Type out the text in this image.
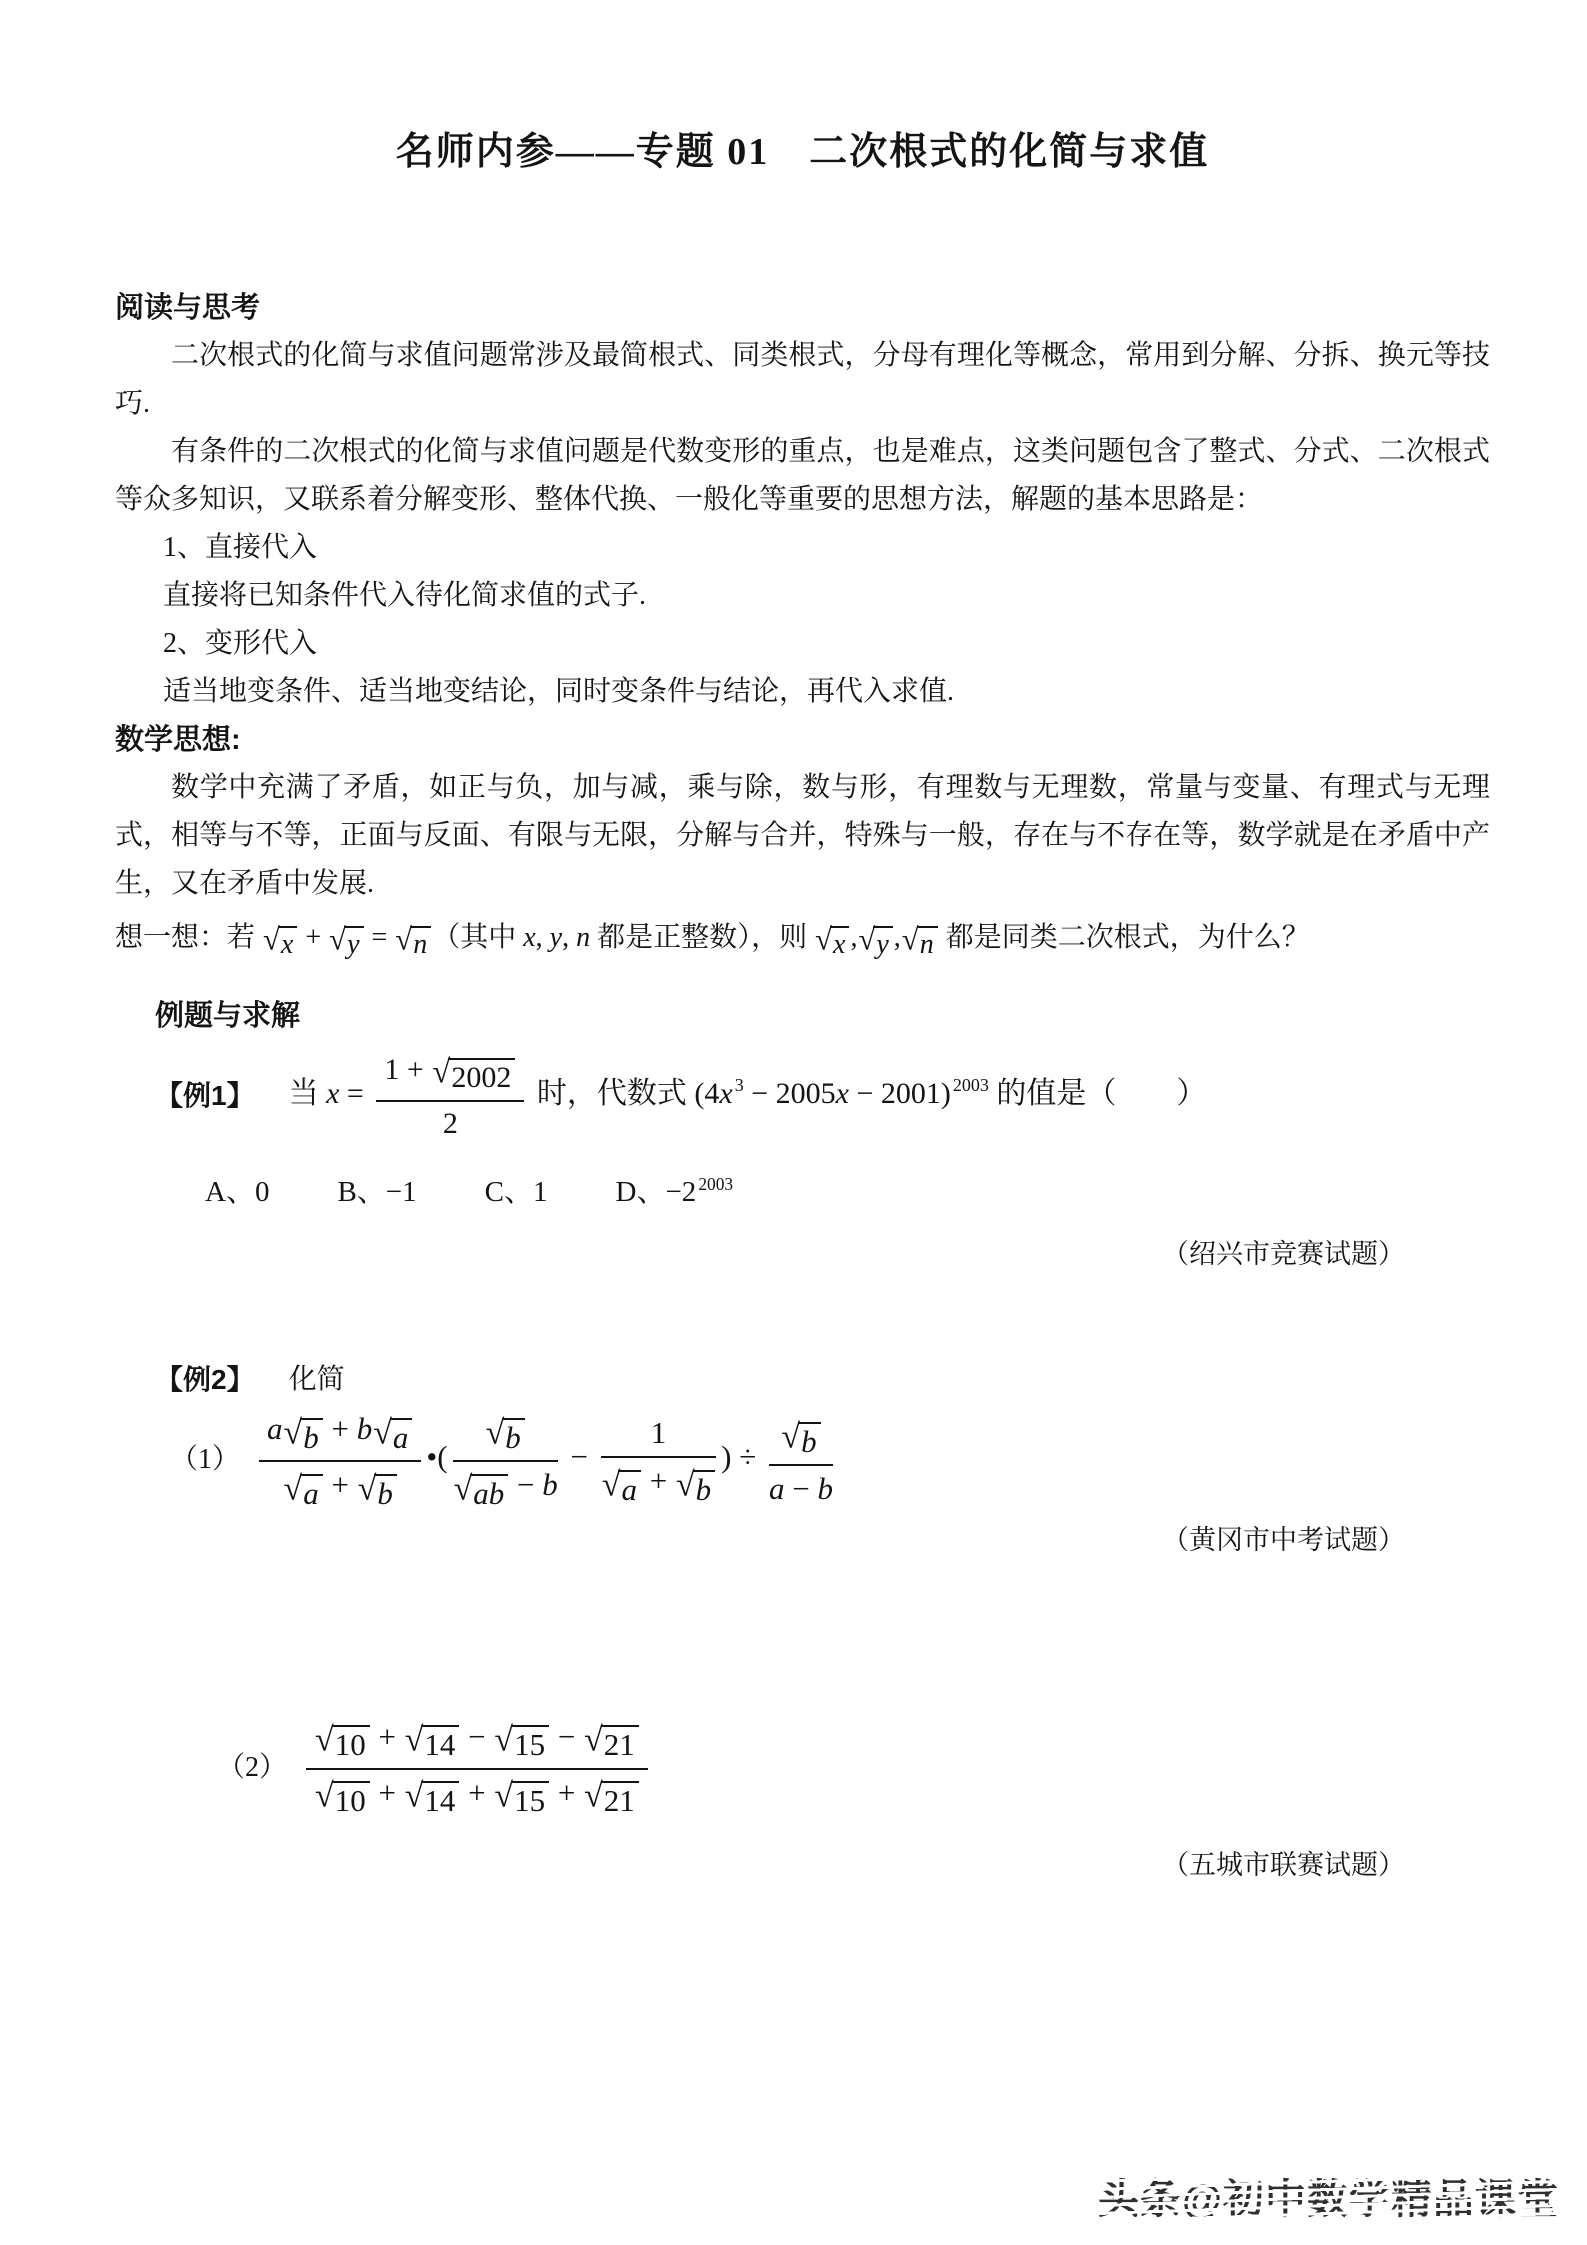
名师内参——专题 01　二次根式的化简与求值
阅读与思考

二次根式的化简与求值问题常涉及最简根式、同类根式，分母有理化等概念，常用到分解、分拆、换元等技巧.

有条件的二次根式的化简与求值问题是代数变形的重点，也是难点，这类问题包含了整式、分式、二次根式等众多知识，又联系着分解变形、整体代换、一般化等重要的思想方法，解题的基本思路是：

1、直接代入

直接将已知条件代入待化简求值的式子.

2、变形代入

适当地变条件、适当地变结论，同时变条件与结论，再代入求值.

数学思想:

数学中充满了矛盾，如正与负，加与减，乘与除，数与形，有理数与无理数，常量与变量、有理式与无理式，相等与不等，正面与反面、有限与无限，分解与合并，特殊与一般，存在与不存在等，数学就是在矛盾中产生，又在矛盾中发展.

想一想：若 √ x + √ y = √ n （其中 x, y, n 都是正整数），则 √ x , √ y , √ n 都是同类二次根式，为什么？

例题与求解
【例1】 当 $x = \frac{1 + √ 2002}{2}$ 时，代数式 (4x $^3$ − 2005x − 2001) $^{2003}$ 的值是（　　）
A、0 B、−1 C、1 D、−2 $^{2003}$

（绍兴市竞赛试题）

【例2】 化简
$(1) \frac{a √ b + b √ a}{√ a + √ b}$ •( $\frac{√ b}{√ ab - b} - \frac{1}{√ a + √ b}$ ) ÷ $\frac{√ b}{a - b}$

（黄冈市中考试题）

$(2) \frac{√ 10 + √ 14 - √ 15 - √ 21}{√ 10 + √ 14 + √ 15 + √ 21}$

（五城市联赛试题）

头条@初中数学精品课堂
